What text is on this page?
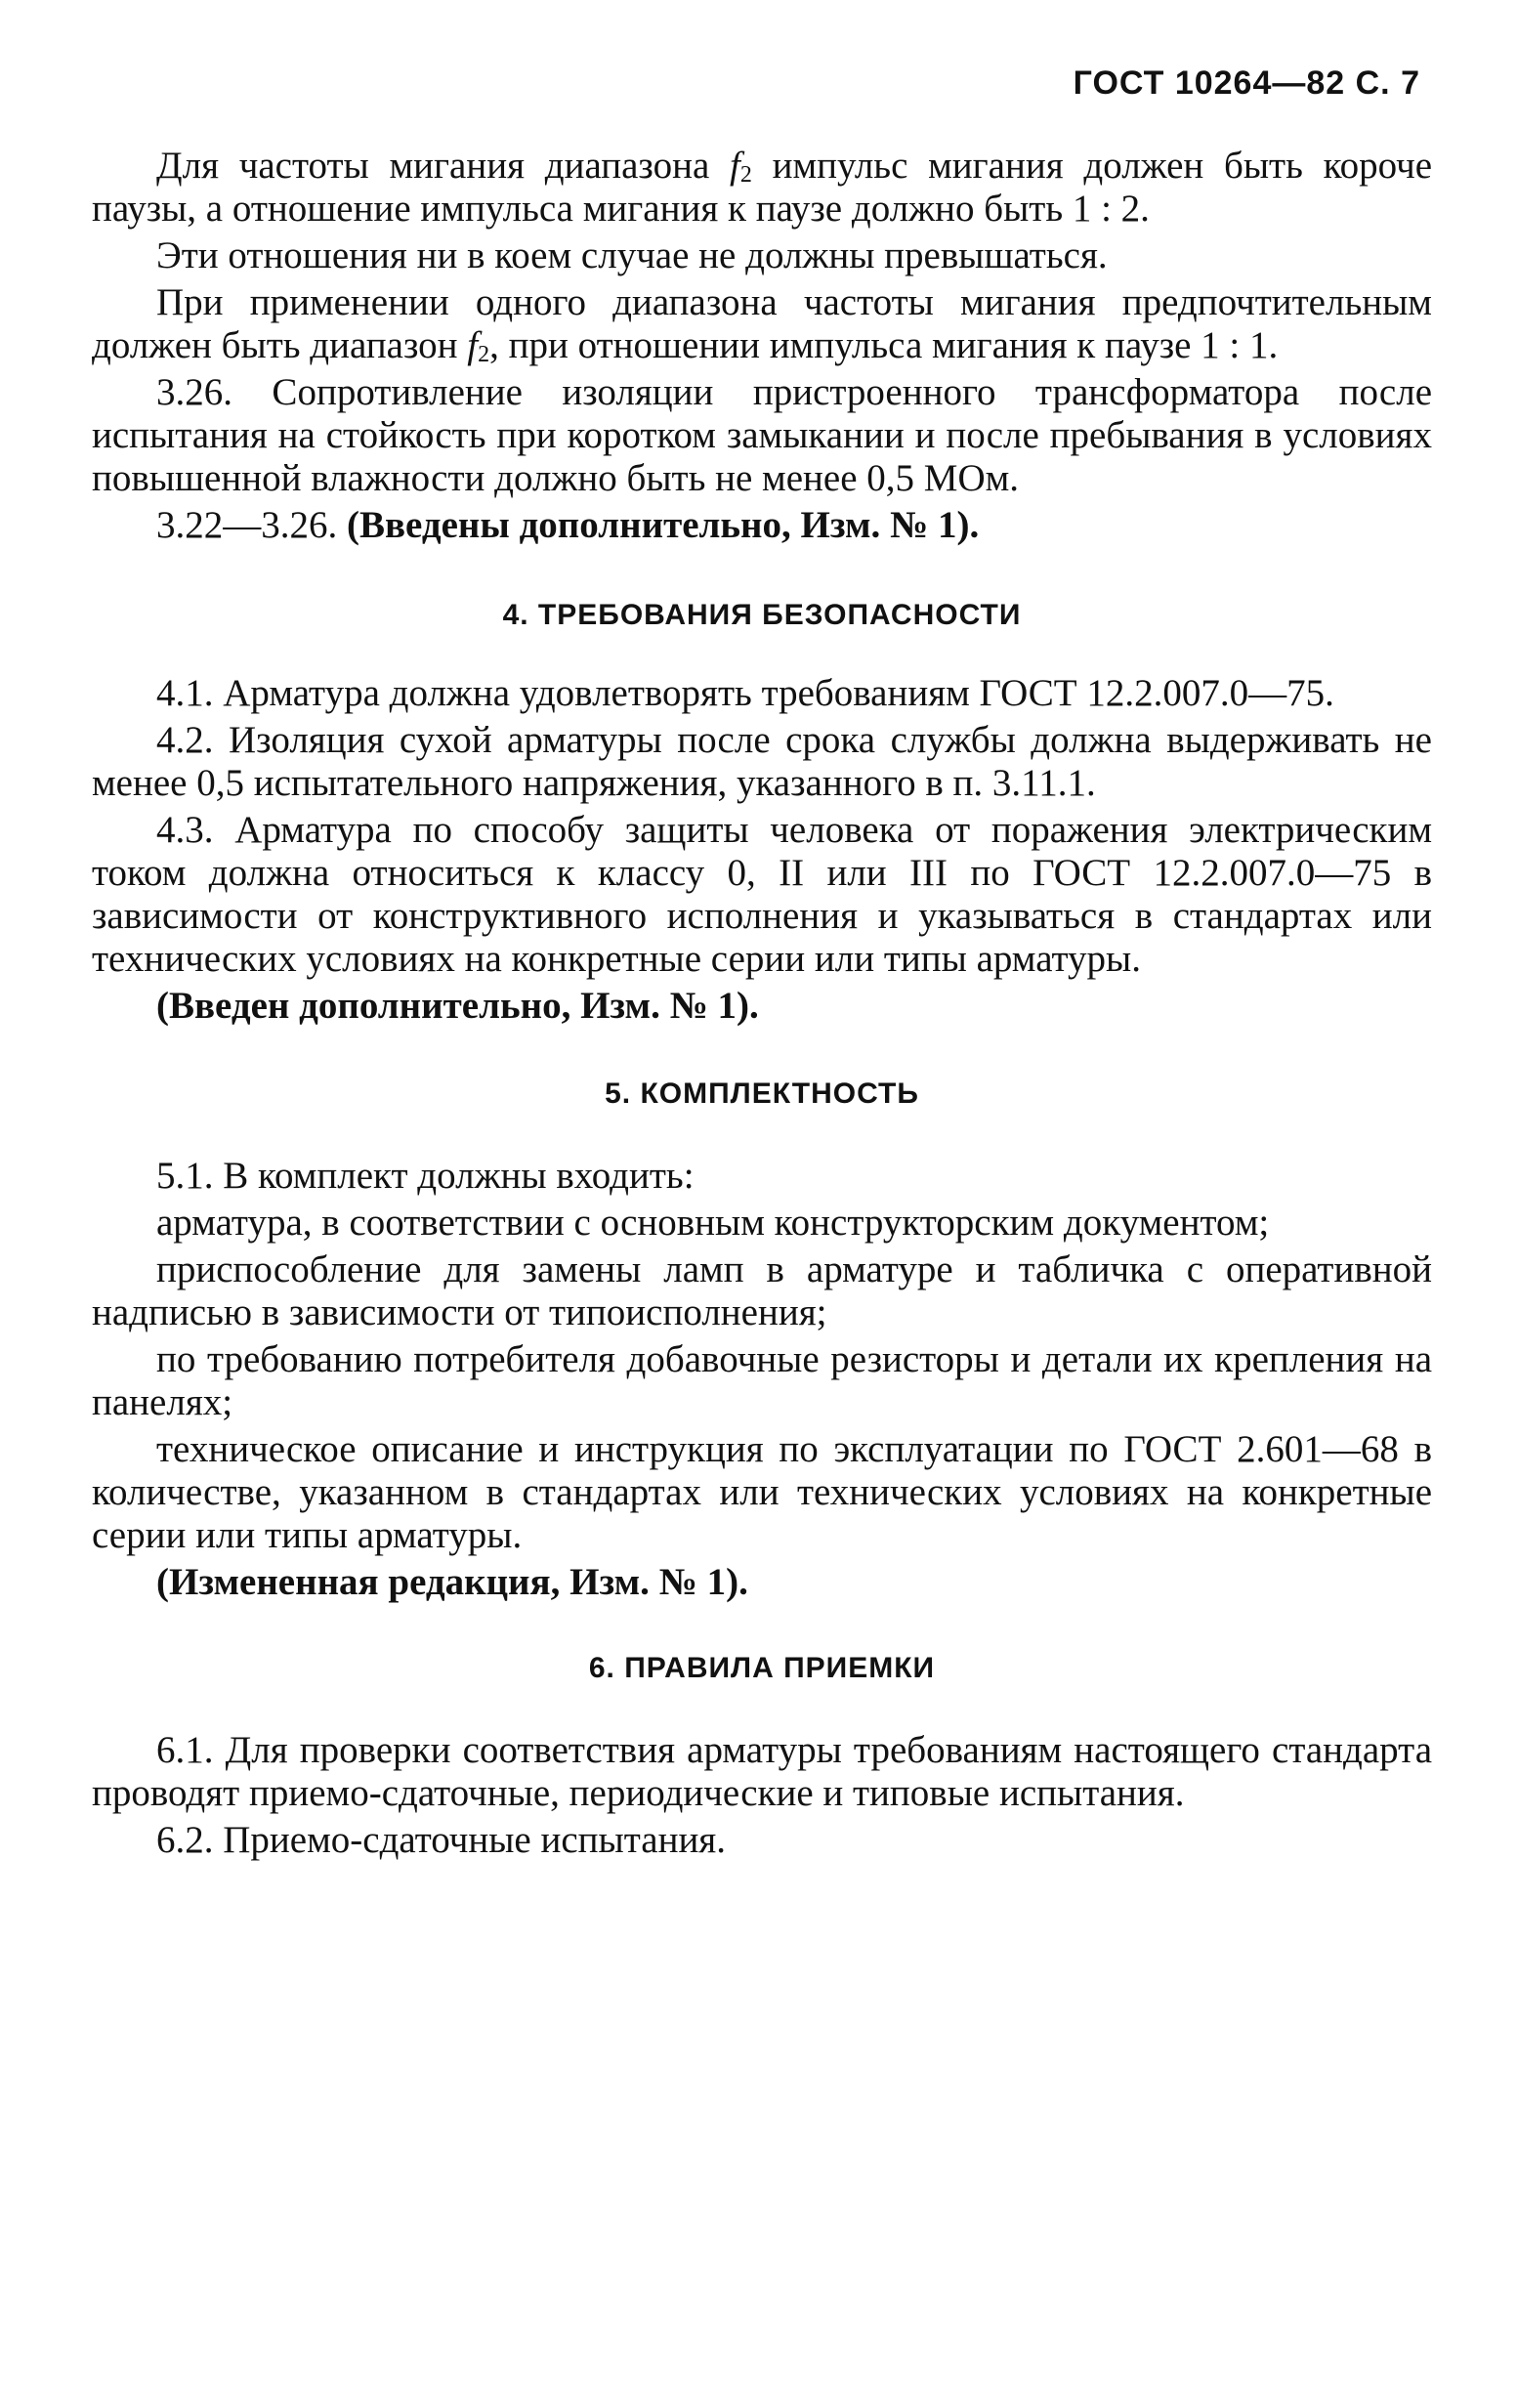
ГОСТ 10264—82 С. 7

Для частоты мигания диапазона $f_2$ импульс мигания должен быть короче паузы, а отношение импульса мигания к паузе должно быть 1 : 2.

Эти отношения ни в коем случае не должны превышаться.

При применении одного диапазона частоты мигания предпочтительным должен быть диапазон $f_2$, при отношении импульса мигания к паузе 1 : 1.

3.26. Сопротивление изоляции пристроенного трансформатора после испытания на стойкость при коротком замыкании и после пребывания в условиях повышенной влажности должно быть не менее 0,5 МОм.

3.22—3.26. (Введены дополнительно, Изм. № 1).

4. ТРЕБОВАНИЯ БЕЗОПАСНОСТИ

4.1. Арматура должна удовлетворять требованиям ГОСТ 12.2.007.0—75.

4.2. Изоляция сухой арматуры после срока службы должна выдерживать не менее 0,5 испытательного напряжения, указанного в п. 3.11.1.

4.3. Арматура по способу защиты человека от поражения электрическим током должна относиться к классу 0, II или III по ГОСТ 12.2.007.0—75 в зависимости от конструктивного исполнения и указываться в стандартах или технических условиях на конкретные серии или типы арматуры.

(Введен дополнительно, Изм. № 1).

5. КОМПЛЕКТНОСТЬ

5.1. В комплект должны входить:

арматура, в соответствии с основным конструкторским документом;

приспособление для замены ламп в арматуре и табличка с оперативной надписью в зависимости от типоисполнения;

по требованию потребителя добавочные резисторы и детали их крепления на панелях;

техническое описание и инструкция по эксплуатации по ГОСТ 2.601—68 в количестве, указанном в стандартах или технических условиях на конкретные серии или типы арматуры.

(Измененная редакция, Изм. № 1).

6. ПРАВИЛА ПРИЕМКИ

6.1. Для проверки соответствия арматуры требованиям настоящего стандарта проводят приемо-сдаточные, периодические и типовые испытания.

6.2. Приемо-сдаточные испытания.
